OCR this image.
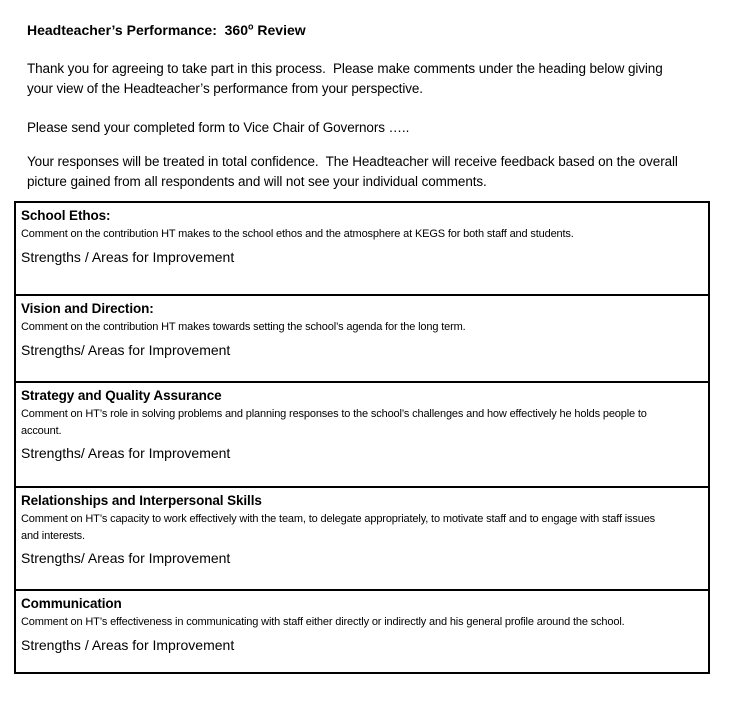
Headteacher’s Performance:  360$^o$ Review
Thank you for agreeing to take part in this process.  Please make comments under the heading below giving
your view of the Headteacher’s performance from your perspective.
Please send your completed form to Vice Chair of Governors …..
Your responses will be treated in total confidence.  The Headteacher will receive feedback based on the overall
picture gained from all respondents and will not see your individual comments.
School Ethos:
Comment on the contribution HT makes to the school ethos and the atmosphere at KEGS for both staff and students.
Strengths / Areas for Improvement
Vision and Direction:
Comment on the contribution HT makes towards setting the school’s agenda for the long term.
Strengths/ Areas for Improvement
Strategy and Quality Assurance
Comment on HT’s role in solving problems and planning responses to the school’s challenges and how effectively he holds people to
account.
Strengths/ Areas for Improvement
Relationships and Interpersonal Skills
Comment on HT’s capacity to work effectively with the team, to delegate appropriately, to motivate staff and to engage with staff issues
and interests.
Strengths/ Areas for Improvement
Communication
Comment on HT’s effectiveness in communicating with staff either directly or indirectly and his general profile around the school.
Strengths / Areas for Improvement
